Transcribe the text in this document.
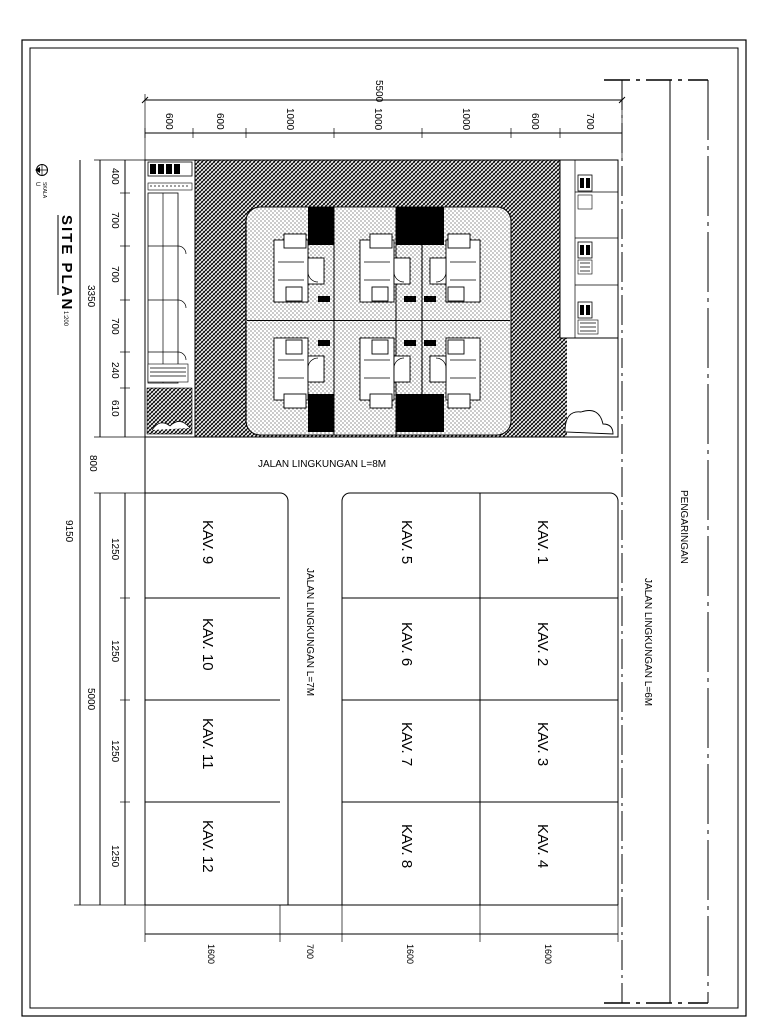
SITE PLAN
1:200
U SKALA
JALAN LINGKUNGAN L=8M
KAV. 1
KAV. 2
KAV. 3
KAV. 4
KAV. 5
KAV. 6
KAV. 7
KAV. 8
KAV. 9
KAV. 10
KAV. 11
KAV. 12
JALAN LINGKUNGAN L=7M	JALAN LINGKUNGAN L=6M
PENGARINGAN
5500
600	600	1000	1000	1000	600	700
400
700
700
700
240
610
3350
800
1250
1250
1250
1250
5000
9150
1600	700	1600	1600
